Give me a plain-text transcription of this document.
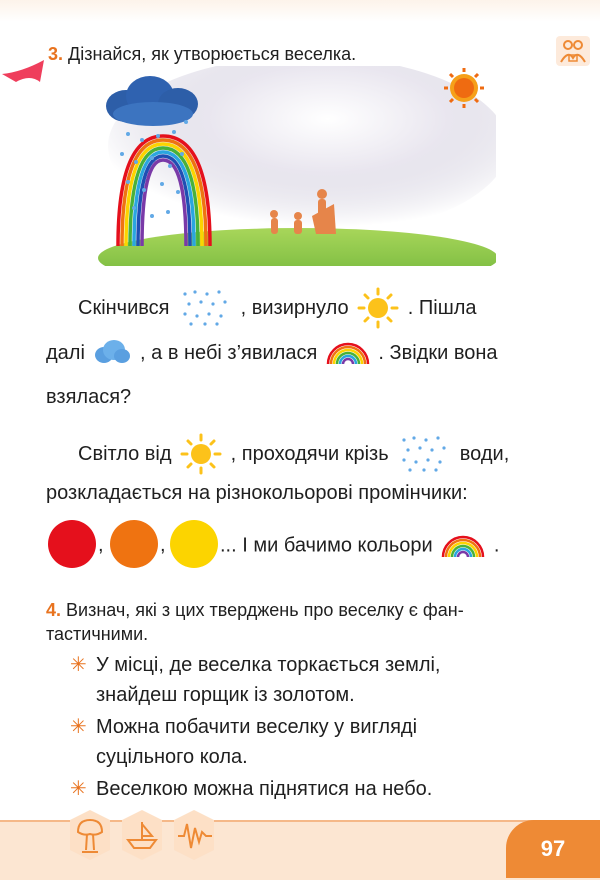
3. Дізнайся, як утворюється веселка.
Скінчився	, визирнуло	. Пішла
далі	, а в небі з’явилася	. Звідки вона
взялася?
Світло від	, проходячи крізь	води,
розкладається на різнокольорові промінчики:
,	,	... І ми бачимо кольори	.
4. Визнач, які з цих тверджень про веселку є фан-
тастичними.
✳ У місці, де веселка торкається землі,
знайдеш горщик із золотом.
✳ Можна побачити веселку у вигляді
суцільного кола.
✳ Веселкою можна піднятися на небо.
97
